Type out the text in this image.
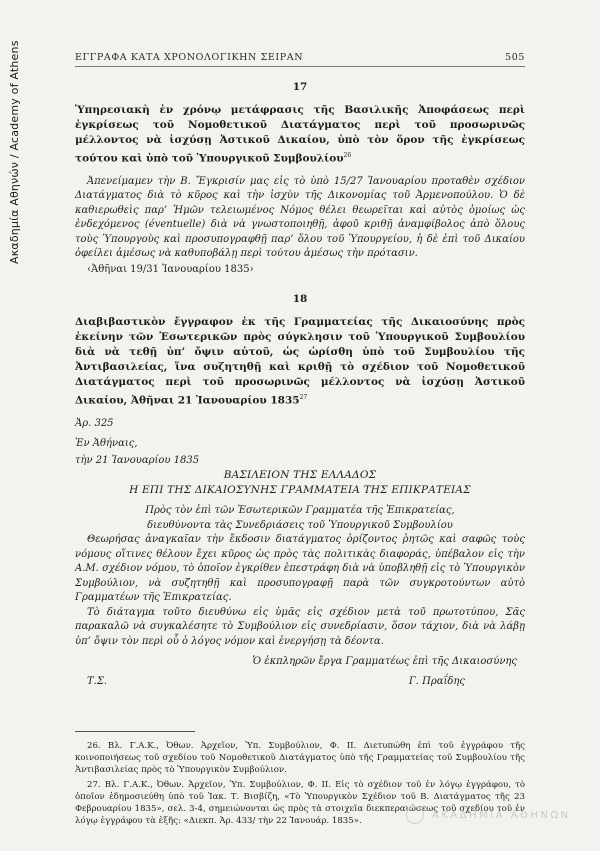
Ακαδημία Αθηνών / Academy of Athens	ΕΓΓΡΑΦΑ ΚΑΤΑ ΧΡΟΝΟΛΟΓΙΚΗΝ ΣΕΙΡΑΝ	505
17

Ὑπηρεσιακὴ ἐν χρόνῳ μετάφρασις τῆς Βασιλικῆς Ἀποφάσεως περὶ ἐγκρίσεως τοῦ Νομοθετικοῦ Διατάγματος περὶ τοῦ προσωρινῶς μέλλοντος νὰ ἰσχύσῃ Ἀστικοῦ Δικαίου, ὑπὸ τὸν ὅρον τῆς ἐγκρίσεως τούτου καὶ ὑπὸ τοῦ Ὑπουργικοῦ Συμβουλίου$^{26}$

Ἀπενείμαμεν τὴν Β. Ἔγκρισίν μας εἰς τὸ ὑπὸ 15/27 Ἰανουαρίου προταθὲν σχέδιον Διατάγματος διὰ τὸ κῦρος καὶ τὴν ἰσχὺν τῆς Δικονομίας τοῦ Ἀρμενοπούλου. Ὁ δὲ καθιερωθεὶς παρ’ Ἡμῶν τελειωμένος Νόμος θέλει θεωρεῖται καὶ αὐτὸς ὁμοίως ὡς ἐνδεχόμενος (éventuelle) διὰ νὰ γνωστοποιηθῇ, ἀφοῦ κριθῇ ἀναμφίβολος ἀπὸ ὅλους τοὺς Ὑπουργοὺς καὶ προσυπογραφθῇ παρ’ ὅλου τοῦ Ὑπουργείου, ἡ δὲ ἐπὶ τοῦ Δικαίου ὀφείλει ἀμέσως νὰ καθυποβάλῃ περὶ τούτου ἀμέσως τὴν πρότασιν.

‹Ἀθῆναι 19/31 Ἰανουαρίου 1835›
18

Διαβιβαστικὸν ἔγγραφον ἐκ τῆς Γραμματείας τῆς Δικαιοσύνης πρὸς ἐκείνην τῶν Ἐσωτερικῶν πρὸς σύγκλησιν τοῦ Ὑπουργικοῦ Συμβουλίου διὰ νὰ τεθῇ ὑπ’ ὄψιν αὐτοῦ, ὡς ὡρίσθη ὑπὸ τοῦ Συμβουλίου τῆς Ἀντιβασιλείας, ἵνα συζητηθῇ καὶ κριθῇ τὸ σχέδιον τοῦ Νομοθετικοῦ Διατάγματος περὶ τοῦ προσωρινῶς μέλλοντος νὰ ἰσχύσῃ Ἀστικοῦ Δικαίου, Ἀθῆναι 21 Ἰανουαρίου 1835$^{27}$

Ἀρ. 325
Ἐν Ἀθήναις,
τὴν 21 Ἰανουαρίου 1835
ΒΑΣΙΛΕΙΟΝ ΤΗΣ ΕΛΛΑΔΟΣ
Η ΕΠΙ ΤΗΣ ΔΙΚΑΙΟΣΥΝΗΣ ΓΡΑΜΜΑΤΕΙΑ ΤΗΣ ΕΠΙΚΡΑΤΕΙΑΣ
Πρὸς τὸν ἐπὶ τῶν Ἐσωτερικῶν Γραμματέα τῆς Ἐπικρατείας,
διευθύνοντα τὰς Συνεδριάσεις τοῦ Ὑπουργικοῦ Συμβουλίου

Θεωρήσας ἀναγκαῖαν τὴν ἔκδοσιν διατάγματος ὁρίζοντος ῥητῶς καὶ σαφῶς τοὺς νόμους οἵτινες θέλουν ἔχει κῦρος ὡς πρὸς τὰς πολιτικὰς διαφοράς, ὑπέβαλον εἰς τὴν Α.Μ. σχέδιον νόμου, τὸ ὁποῖον ἐγκρίθεν ἐπεστράφη διὰ νὰ ὑποβληθῇ εἰς τὸ Ὑπουργικὸν Συμβούλιον, νὰ συζητηθῇ καὶ προσυπογραφῇ παρὰ τῶν συγκροτούντων αὐτὸ Γραμματέων τῆς Ἐπικρατείας.

Τὸ διάταγμα τοῦτο διευθύνω εἰς ὑμᾶς εἰς σχέδιον μετὰ τοῦ πρωτοτύπου, Σᾶς παρακαλῶ νὰ συγκαλέσητε τὸ Συμβούλιον εἰς συνεδρίασιν, ὅσον τάχιον, διὰ νὰ λάβῃ ὑπ’ ὄψιν τὸν περὶ οὗ ὁ λόγος νόμον καὶ ἐνεργήσῃ τὰ δέοντα.

Ὁ ἐκπληρῶν ἔργα Γραμματέως ἐπὶ τῆς Δικαιοσύνης
Τ.Σ.	Γ. Πραΐδης

26. Βλ. Γ.Α.Κ., Ὀθων. Ἀρχεῖον, Ὑπ. Συμβούλιον, Φ. ΙΙ. Διετυπώθη ἐπὶ τοῦ ἐγγράφου τῆς κοινοποιήσεως τοῦ σχεδίου τοῦ Νομοθετικοῦ Διατάγματος ὑπὸ τῆς Γραμματείας τοῦ Συμβουλίου τῆς Ἀντιβασιλείας πρὸς τὸ Ὑπουργικὸν Συμβούλιον.

27. Βλ. Γ.Α.Κ., Ὀθων. Ἀρχεῖον, Ὑπ. Συμβούλιον, Φ. ΙΙ. Εἰς τὸ σχέδιον τοῦ ἐν λόγῳ ἐγγράφου, τὸ ὁποῖον ἐδημοσιεύθη ὑπὸ τοῦ Ἰακ. Τ. Βισβίζη, «Τὸ Ὑπουργικὸν Σχέδιον τοῦ Β. Διατάγματος τῆς 23 Φεβρουαρίου 1835», σελ. 3-4, σημειώνονται ὡς πρὸς τὰ στοιχεῖα διεκπεραιώσεως τοῦ σχεδίου τοῦ ἐν λόγῳ ἐγγράφου τὰ ἑξῆς: «Διεκπ. Ἀρ. 433/ τὴν 22 Ἰανουάρ. 1835».	ΑΚΑΔΗΜΙΑ ΑΘΗΝΩΝ
